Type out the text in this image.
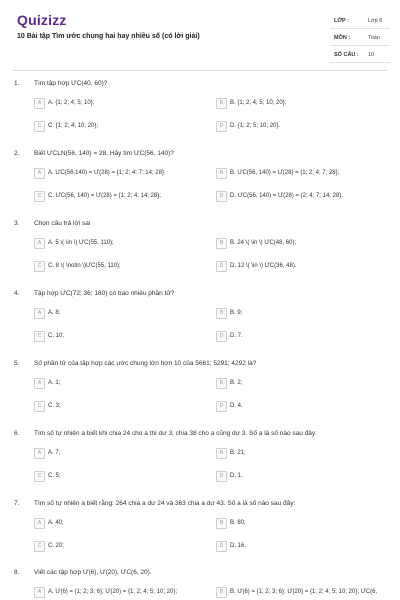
Quizizz
10 Bài tập Tìm ước chung hai hay nhiều số (có lời giải)
LỚP :	Lớp 6
MÔN :	Toán
SỐ CÂU : 10
1. Tìm tập hợp ƯC(40, 60)?
A	A. {1; 2; 4; 5; 10};	B	B. {1; 2; 4; 5; 10; 20};
C	C. {1; 2; 4; 10; 20};	D	D. {1; 2; 5; 10; 20}.
2. Biết ƯCLN(56, 140) = 28. Hãy tìm ƯC(56, 140)?
A	A. ƯC(56,140) = Ư(28) = {1; 2; 4; 7; 14; 28};	B	B. ƯC(56, 140) = Ư(28) = {1; 2; 4; 7; 28};
C	C. ƯC(56, 140) = Ư(28) = {1; 2; 4; 14; 28};	D	D. ƯC(56, 140) = Ư(28) = {2; 4; 7; 14; 28}.
3. Chọn câu trả lời sai
A	A. 5 \( \in \) ƯC(55, 110);	B	B. 24 \( \in \) ƯC(48, 60);
C	C. 8 \( \notin \)ƯC(55, 110);	D	D. 12 \( \in \) ƯC(36, 48).
4. Tập hợp ƯC(72; 36; 180) có bao nhiêu phần tử?
A	A. 8;	B	B. 9;
C	C. 10;	D	D. 7.
5. Số phần tử của tập hợp các ước chung lớn hơn 10 của 5661; 5291; 4292 là?
A	A. 1;	B	B. 2;
C	C. 3;	D	D. 4.
6. Tìm số tự nhiên a biết khi chia 24 cho a thì dư 3, chia 38 cho a cũng dư 3. Số a là số nào sau đây:
A	A. 7;	B	B. 21;
C	C. 5;	D	D. 1.
7. Tìm số tự nhiên a biết rằng: 264 chia a dư 24 và 363 chia a dư 43. Số a là số nào sau đây:
A	A. 40;	B	B. 80;
C	C. 20;	D	D. 16.
8. Viết các tập hợp Ư(6), Ư(20), ƯC(6, 20).
A	A. Ư(6) = {1; 2; 3; 6}; Ư(20) = {1; 2; 4; 5; 10; 20};	B	B. Ư(6) = {1; 2; 3; 6}; Ư(20) = {1; 2; 4; 5; 10; 20}; ƯC(6,
